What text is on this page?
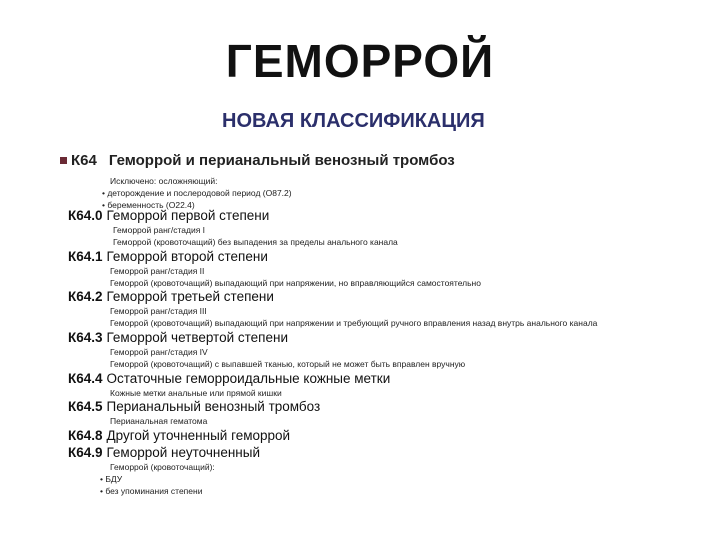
ГЕМОРРОЙ
НОВАЯ КЛАССИФИКАЦИЯ
К64 Геморрой и перианальный венозный тромбоз
Исключено: осложняющий:
• деторождение и послеродовой период (O87.2)
• беременность (O22.4)
К64.0 Геморрой первой степени
Геморрой ранг/стадия I
Геморрой (кровоточащий) без выпадения за пределы анального канала
К64.1 Геморрой второй степени
Геморрой ранг/стадия II
Геморрой (кровоточащий) выпадающий при напряжении, но вправляющийся самостоятельно
К64.2 Геморрой третьей степени
Геморрой ранг/стадия III
Геморрой (кровоточащий) выпадающий при напряжении и требующий ручного вправления назад внутрь анального канала
К64.3 Геморрой четвертой степени
Геморрой ранг/стадия IV
Геморрой (кровоточащий) с выпавшей тканью, который не может быть вправлен вручную
К64.4 Остаточные геморроидальные кожные метки
Кожные метки анальные или прямой кишки
К64.5 Перианальный венозный тромбоз
Перианальная гематома
К64.8 Другой уточненный геморрой
К64.9 Геморрой неуточненный
Геморрой (кровоточащий):
• БДУ
• без упоминания степени
